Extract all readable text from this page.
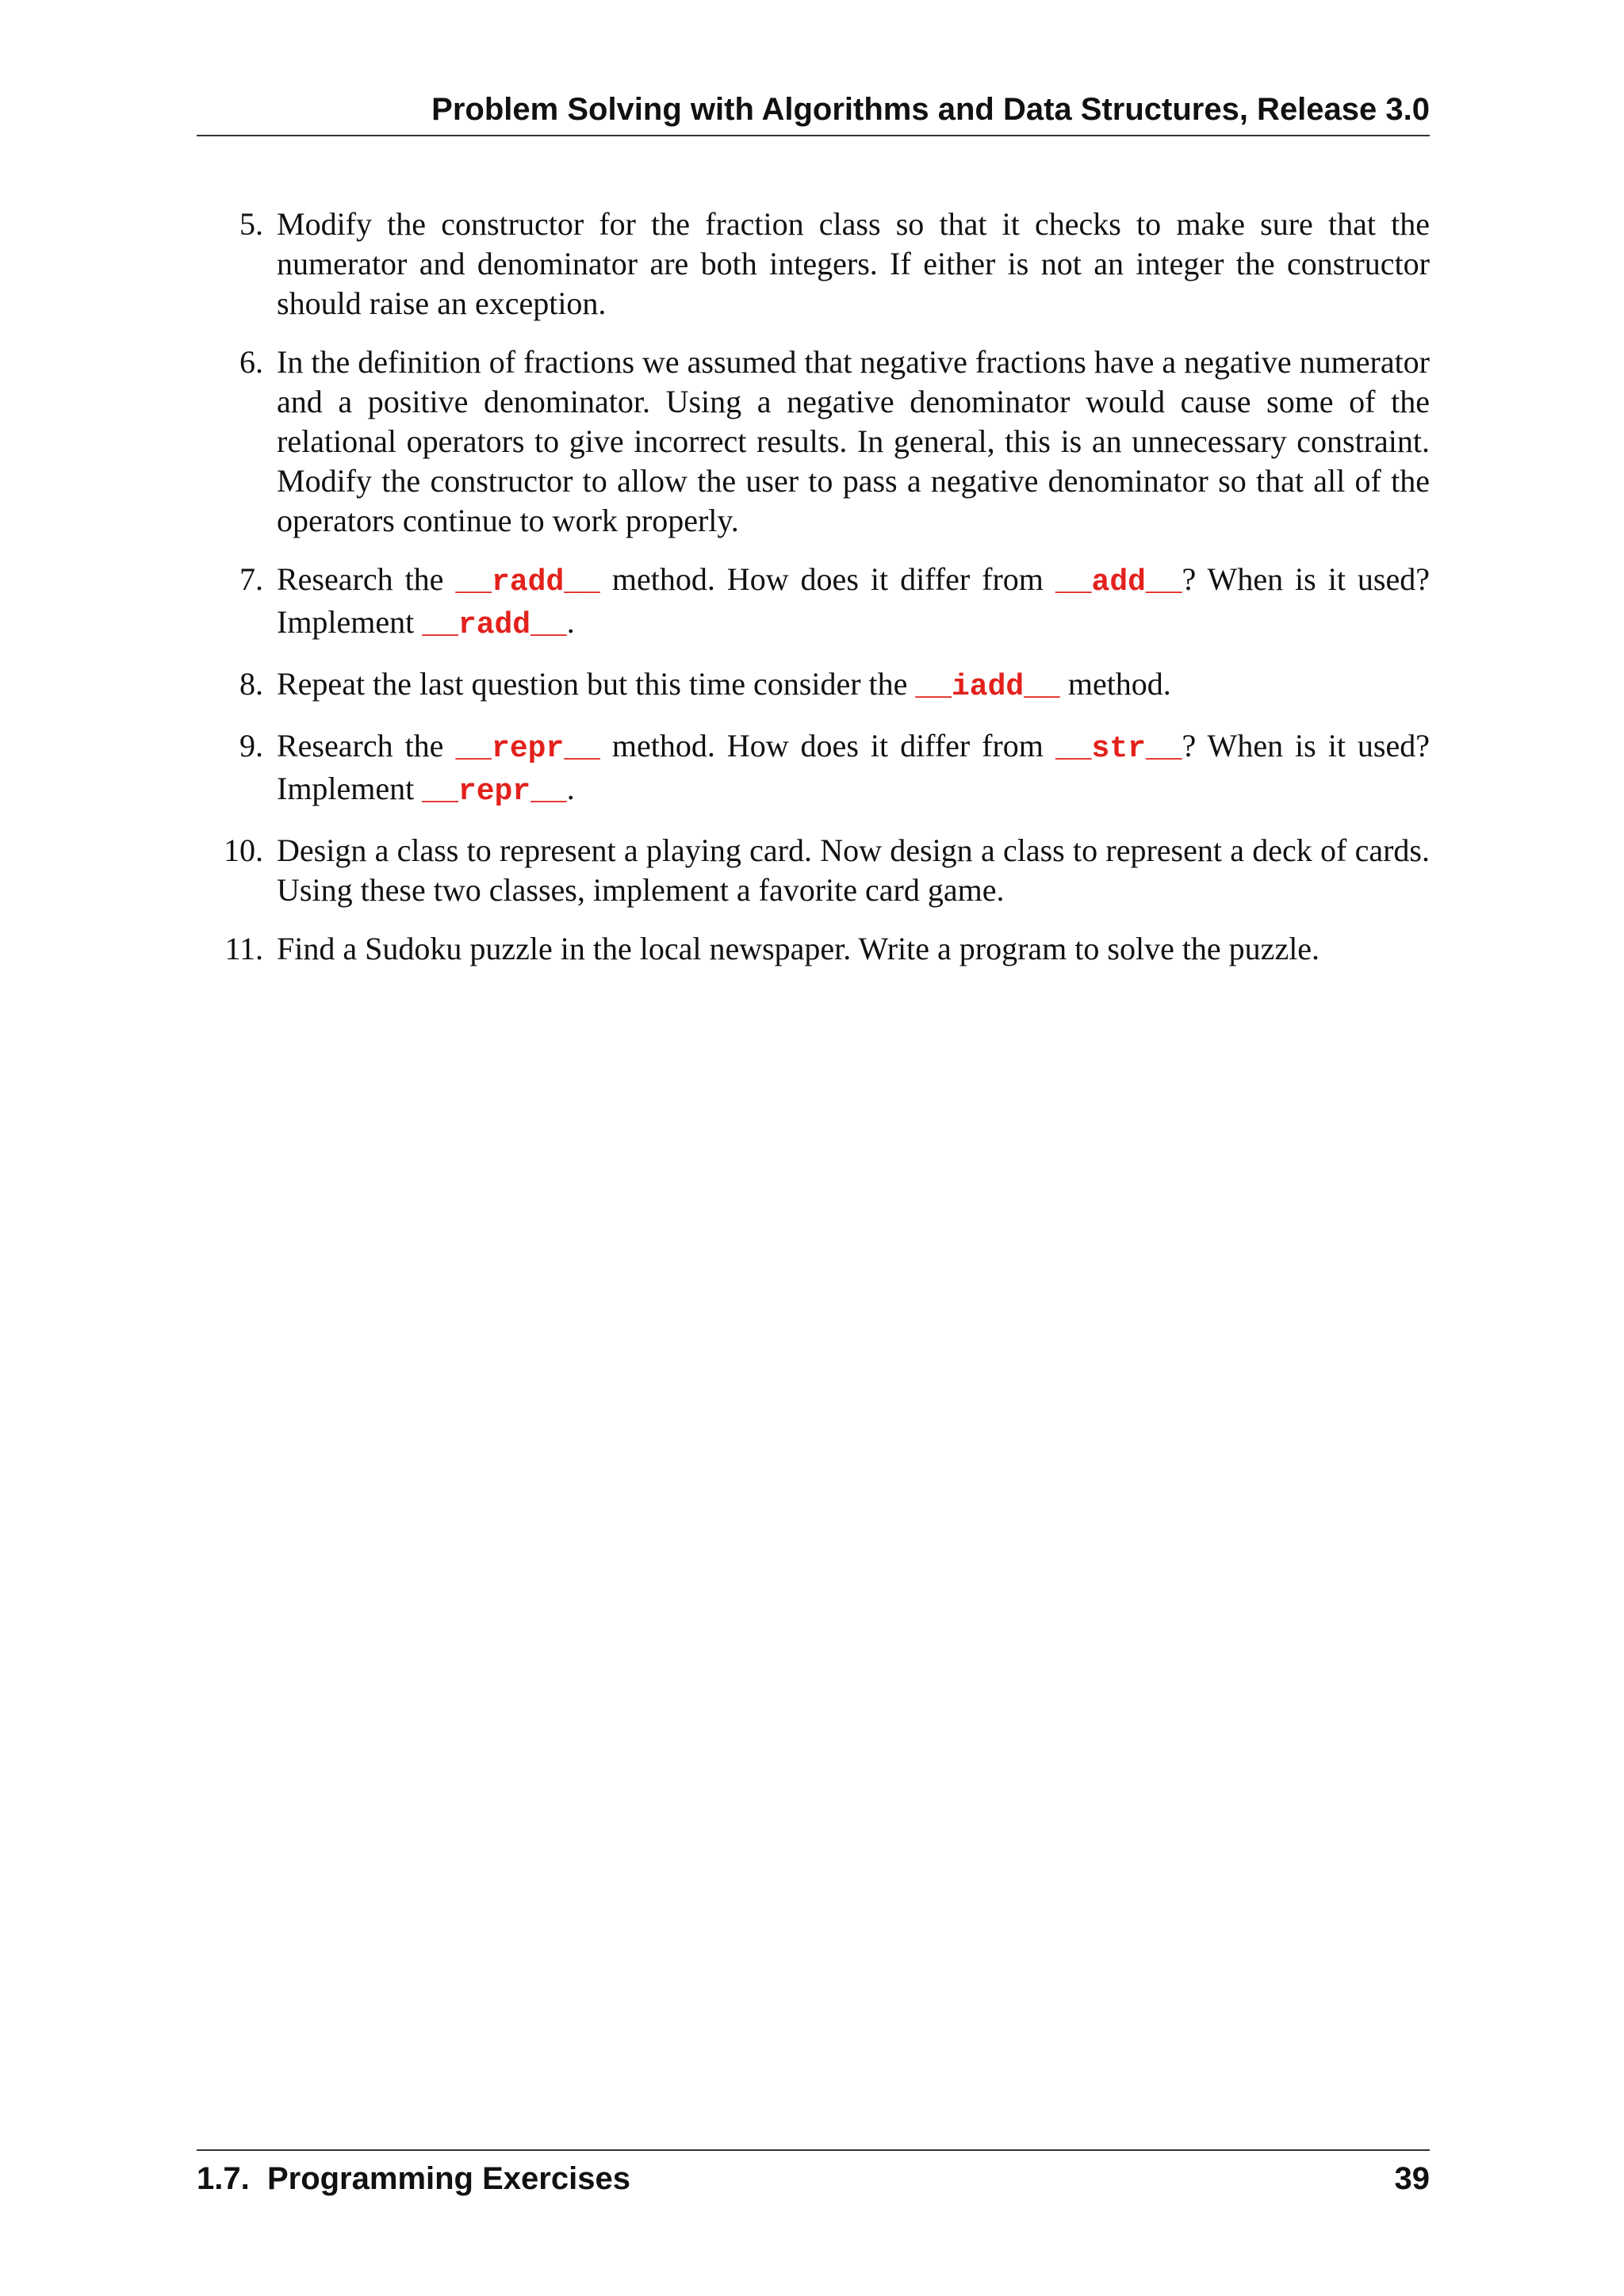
Problem Solving with Algorithms and Data Structures, Release 3.0
5. Modify the constructor for the fraction class so that it checks to make sure that the numerator and denominator are both integers. If either is not an integer the constructor should raise an exception.
6. In the definition of fractions we assumed that negative fractions have a negative numerator and a positive denominator. Using a negative denominator would cause some of the relational operators to give incorrect results. In general, this is an unnecessary constraint. Modify the constructor to allow the user to pass a negative denominator so that all of the operators continue to work properly.
7. Research the __radd__ method. How does it differ from __add__? When is it used? Implement __radd__.
8. Repeat the last question but this time consider the __iadd__ method.
9. Research the __repr__ method. How does it differ from __str__? When is it used? Implement __repr__.
10. Design a class to represent a playing card. Now design a class to represent a deck of cards. Using these two classes, implement a favorite card game.
11. Find a Sudoku puzzle in the local newspaper. Write a program to solve the puzzle.
1.7.  Programming Exercises	39
